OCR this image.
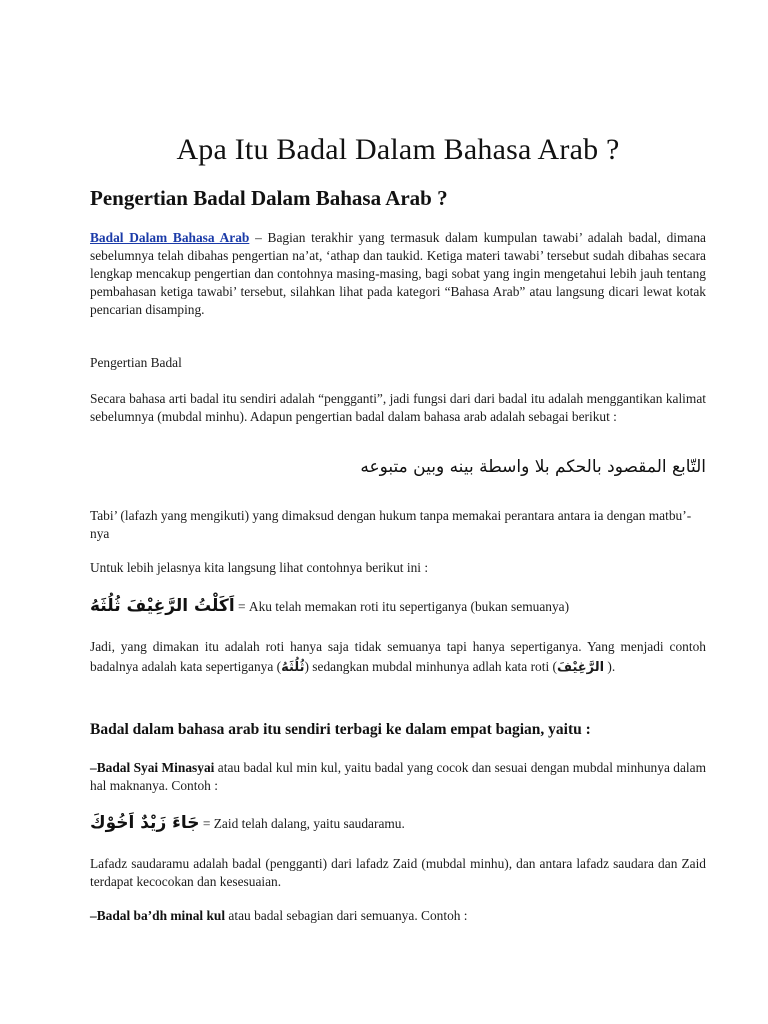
Apa Itu Badal Dalam Bahasa Arab ?
Pengertian Badal Dalam Bahasa Arab ?

Badal Dalam Bahasa Arab – Bagian terakhir yang termasuk dalam kumpulan tawabi’ adalah badal, dimana sebelumnya telah dibahas pengertian na’at, ‘athap dan taukid. Ketiga materi tawabi’ tersebut sudah dibahas secara lengkap mencakup pengertian dan contohnya masing-masing, bagi sobat yang ingin mengetahui lebih jauh tentang pembahasan ketiga tawabi’ tersebut, silahkan lihat pada kategori “Bahasa Arab” atau langsung dicari lewat kotak pencarian disamping.

Pengertian Badal

Secara bahasa arti badal itu sendiri adalah “pengganti”, jadi fungsi dari dari badal itu adalah menggantikan kalimat sebelumnya (mubdal minhu). Adapun pengertian badal dalam bahasa arab adalah sebagai berikut :

التّابع المقصود بالحكم بلا واسطة بينه وبين متبوعه

Tabi’ (lafazh yang mengikuti) yang dimaksud dengan hukum tanpa memakai perantara antara ia dengan matbu’-nya

Untuk lebih jelasnya kita langsung lihat contohnya berikut ini :

اَكَلْتُ الرَّغِيْفَ ثُلُثَهُ = Aku telah memakan roti itu sepertiganya (bukan semuanya)

Jadi, yang dimakan itu adalah roti hanya saja tidak semuanya tapi hanya sepertiganya. Yang menjadi contoh badalnya adalah kata sepertiganya (ثُلُثَهُ) sedangkan mubdal minhunya adlah kata roti (الرَّغِيْفَ ).

Badal dalam bahasa arab itu sendiri terbagi ke dalam empat bagian, yaitu :

–Badal Syai Minasyai atau badal kul min kul, yaitu badal yang cocok dan sesuai dengan mubdal minhunya dalam hal maknanya. Contoh :

جَاءَ زَيْدٌ اَخُوْكَ = Zaid telah dalang, yaitu saudaramu.

Lafadz saudaramu adalah badal (pengganti) dari lafadz Zaid (mubdal minhu), dan antara lafadz saudara dan Zaid terdapat kecocokan dan kesesuaian.

–Badal ba’dh minal kul atau badal sebagian dari semuanya. Contoh :
